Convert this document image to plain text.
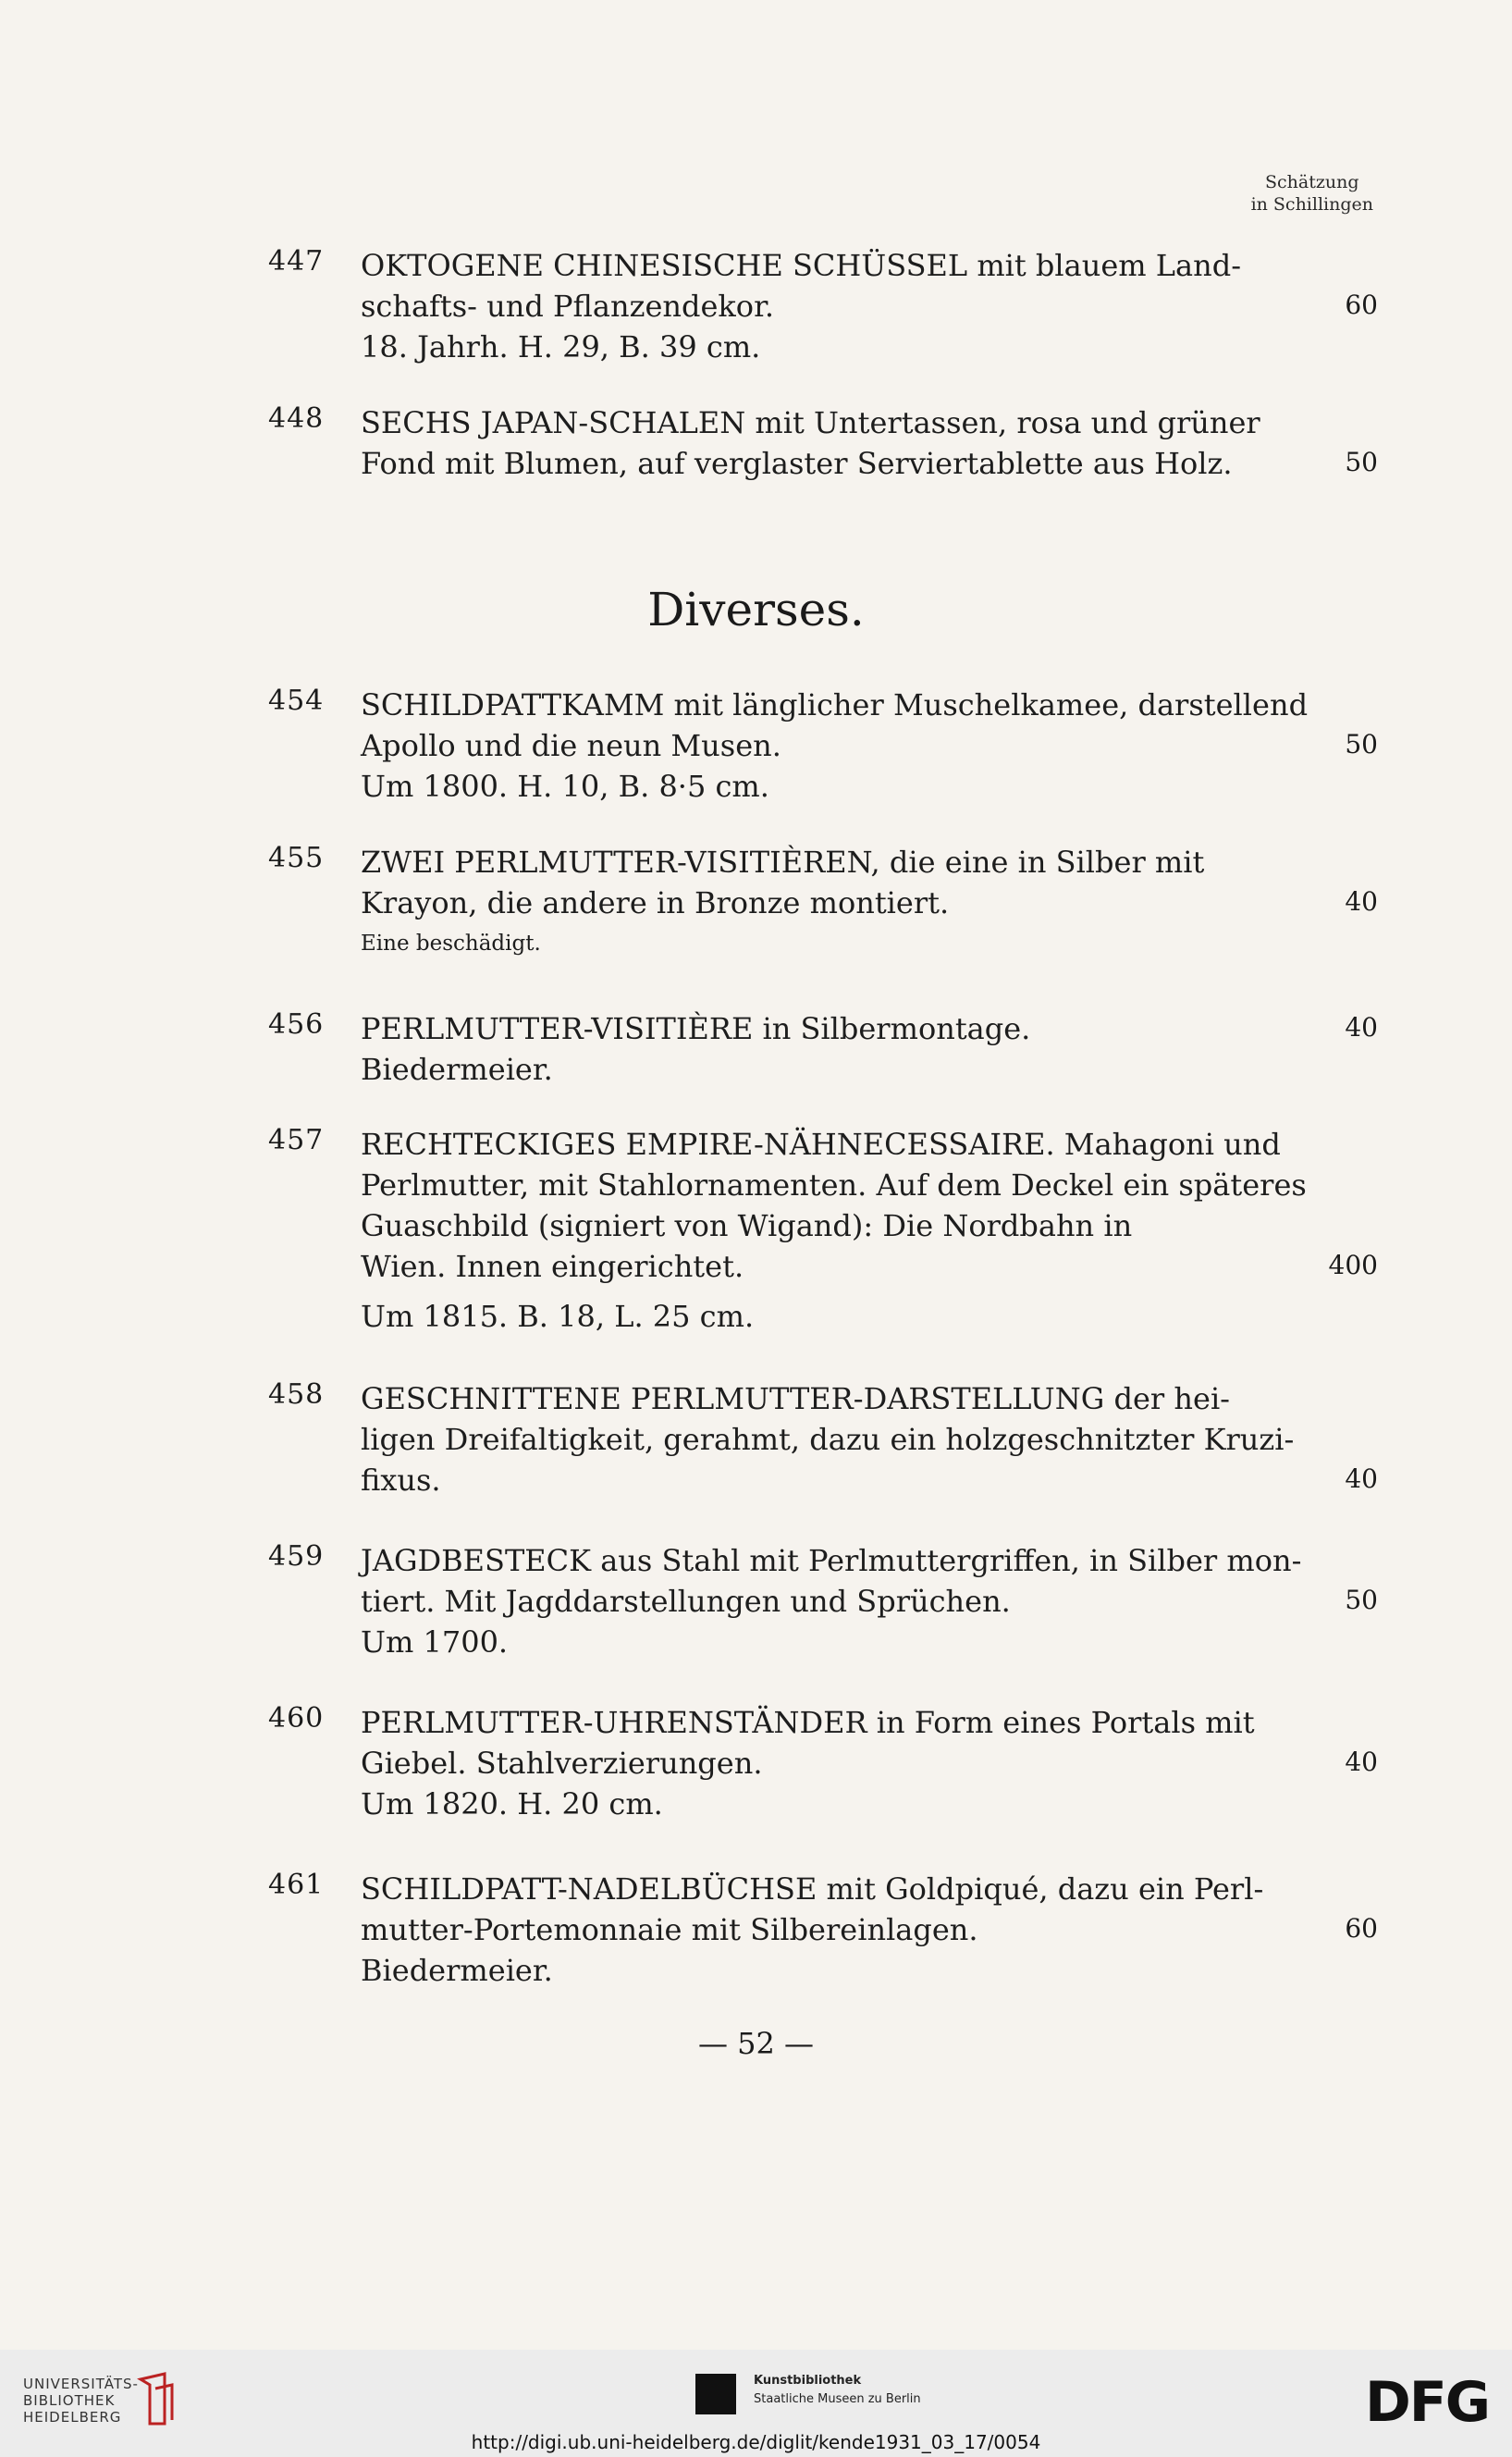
Schätzung
in Schillingen
447 OKTOGENE CHINESISCHE SCHÜSSEL mit blauem Land-
schafts- und Pflanzendekor.
18. Jahrh. H. 29, B. 39 cm.
60
448 SECHS JAPAN-SCHALEN mit Untertassen, rosa und grüner
Fond mit Blumen, auf verglaster Serviertablette aus Holz.	50
Diverses.
454 SCHILDPATTKAMM mit länglicher Muschelkamee, darstellend
Apollo und die neun Musen.
Um 1800. H. 10, B. 8·5 cm.
50
455 ZWEI PERLMUTTER-VISITIÈREN, die eine in Silber mit
Krayon, die andere in Bronze montiert.
Eine beschädigt.
40
456 PERLMUTTER-VISITIÈRE in Silbermontage.
Biedermeier.
40
457 RECHTECKIGES EMPIRE-NÄHNECESSAIRE. Mahagoni und
Perlmutter, mit Stahlornamenten. Auf dem Deckel ein späteres
Guaschbild (signiert von Wigand): Die Nordbahn in
Wien. Innen eingerichtet.
Um 1815. B. 18, L. 25 cm.
400
458 GESCHNITTENE PERLMUTTER-DARSTELLUNG der hei-
ligen Dreifaltigkeit, gerahmt, dazu ein holzgeschnitzter Kruzi-
fixus.	40
459 JAGDBESTECK aus Stahl mit Perlmuttergriffen, in Silber mon-
tiert. Mit Jagddarstellungen und Sprüchen.
Um 1700.
50
460 PERLMUTTER-UHRENSTÄNDER in Form eines Portals mit
Giebel. Stahlverzierungen.
Um 1820. H. 20 cm.
40
461 SCHILDPATT-NADELBÜCHSE mit Goldpiqué, dazu ein Perl-
mutter-Portemonnaie mit Silbereinlagen.
Biedermeier.
60
— 52 —
UNIVERSITÄTS-
BIBLIOTHEK
HEIDELBERG
Kunstbibliothek
Staatliche Museen zu Berlin	DFG
http://digi.ub.uni-heidelberg.de/diglit/kende1931_03_17/0054
